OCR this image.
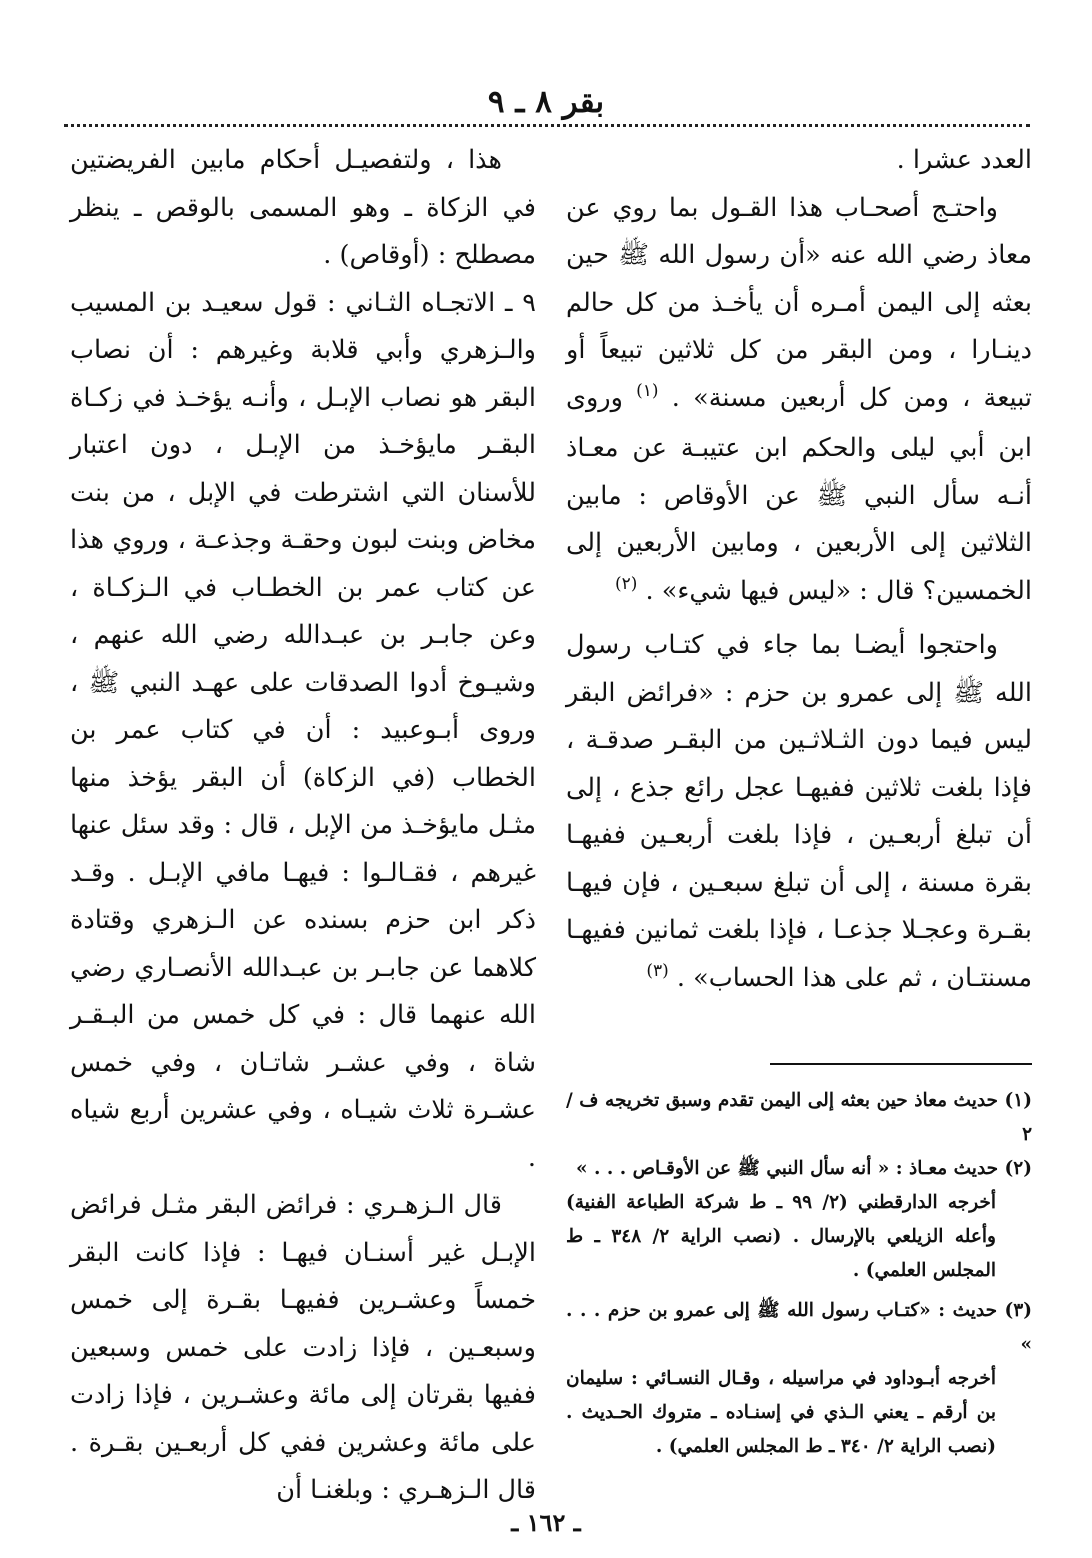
بقر ٨ ـ ٩

العدد عشرا .

واحتـج أصحـاب هذا القـول بما روي عن معاذ رضي الله عنه «أن رسول الله ﷺ حين بعثه إلى اليمن أمـره أن يأخـذ من كل حالم دينـارا ، ومن البقر من كل ثلاثين تبيعاً أو تبيعة ، ومن كل أربعين مسنة» . $^{(١)}$ وروى ابن أبي ليلى والحكم ابن عتيبـة عن معـاذ أنـه سأل النبي ﷺ عن الأوقاص : مابين الثلاثين إلى الأربعين ، ومابين الأربعين إلى الخمسين؟ قال : «ليس فيها شيء» . $^{(٢)}$

واحتجوا أيضـا بما جاء في كتـاب رسول الله ﷺ إلى عمرو بن حزم : «فرائض البقر ليس فيما دون الثـلاثـين من البقـر صدقـة ، فإذا بلغت ثلاثين ففيهـا عجل رائع جذع ، إلى أن تبلغ أربعـين ، فإذا بلغت أربعـين ففيهـا بقرة مسنة ، إلى أن تبلغ سبعـين ، فإن فيهـا بقـرة وعجـلا جذعـا ، فإذا بلغت ثمانين ففيهـا مسنتـان ، ثم على هذا الحساب» . $^{(٣)}$

هذا ، ولتفصيـل أحكام مابين الفريضتين في الزكاة ـ وهو المسمى بالوقص ـ ينظر مصطلح : (أوقاص) .

٩ ـ الاتجـاه الثـاني : قول سعيـد بن المسيب والـزهري وأبي قلابة وغيرهم : أن نصاب البقر هو نصاب الإبـل ، وأنـه يؤخـذ في زكـاة البقـر مايؤخـذ من الإبـل ، دون اعتبار للأسنان التي اشترطت في الإبل ، من بنت مخاض وبنت لبون وحقـة وجذعـة ، وروي هذا عن كتاب عمر بن الخطـاب في الـزكـاة ، وعن جابـر بن عبـدالله رضي الله عنهم ، وشيـوخ أدوا الصدقات على عهـد النبي ﷺ ، وروى أبـوعبيد : أن في كتاب عمر بن الخطاب (في الزكاة) أن البقر يؤخذ منها مثـل مايؤخـذ من الإبل ، قال : وقد سئل عنها غيرهم ، فقـالـوا : فيهـا مافي الإبـل . وقـد ذكر ابن حزم بسنده عن الـزهري وقتادة كلاهما عن جابـر بن عبـدالله الأنصـاري رضي الله عنهما قال : في كل خمس من البـقـر شاة ، وفي عشـر شاتـان ، وفي خمس عشـرة ثلاث شيـاه ، وفي عشرين أربع شياه .

قال الـزهـري : فرائض البقر مثـل فرائض الإبـل غير أسنـان فيهـا : فإذا كانت البقر خمساً وعشـرين ففيهـا بقـرة إلى خمس وسبعـين ، فإذا زادت على خمس وسبعين ففيها بقرتان إلى مائة وعشـرين ، فإذا زادت على مائة وعشرين ففي كل أربعـين بقـرة . قال الـزهـري : وبلغنـا أن

(١) حديث معاذ حين بعثه إلى اليمن تقدم وسبق تخريجه ف / ٢

(٢) حديث معـاذ : « أنه سأل النبي ﷺ عن الأوقـاص . . . »

أخرجه الدارقطني (٢/ ٩٩ ـ ط شركة الطباعة الفنية) وأعله الزيلعي بالإرسال . (نصب الراية ٢/ ٣٤٨ ـ ط المجلس العلمي) .

(٣) حديث : «كتـاب رسول الله ﷺ إلى عمرو بن حزم . . . »

أخرجه أبـوداود في مراسيله ، وقـال النسـائي : سليمان بن أرقم ـ يعني الـذي في إسنـاده ـ متروك الحـديث . (نصب الراية ٢/ ٣٤٠ ـ ط المجلس العلمي) .

ـ ١٦٢ ـ
